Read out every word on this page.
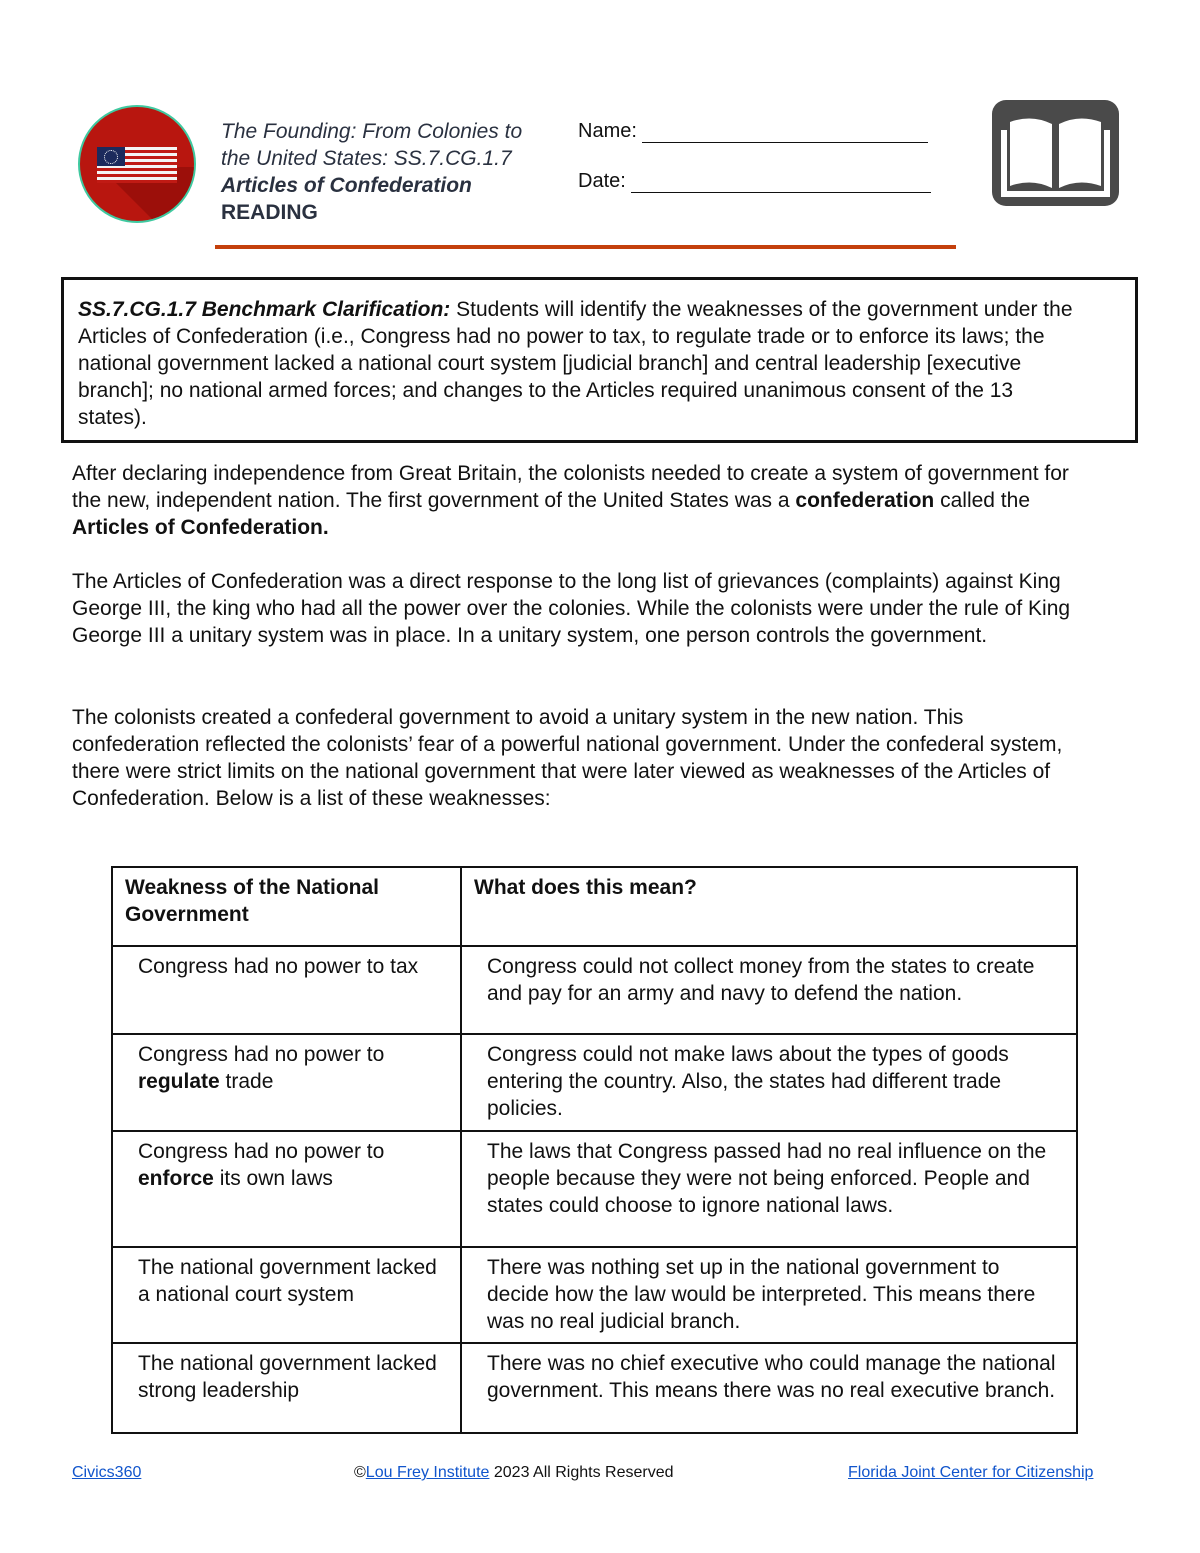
The Founding: From Colonies to
the United States: SS.7.CG.1.7
Articles of Confederation
READING
Name:
Date:

SS.7.CG.1.7 Benchmark Clarification: Students will identify the weaknesses of the government under the Articles of Confederation (i.e., Congress had no power to tax, to regulate trade or to enforce its laws; the national government lacked a national court system [judicial branch] and central leadership [executive branch]; no national armed forces; and changes to the Articles required unanimous consent of the 13 states).

After declaring independence from Great Britain, the colonists needed to create a system of government for the new, independent nation. The first government of the United States was a confederation called the Articles of Confederation.

The Articles of Confederation was a direct response to the long list of grievances (complaints) against King George III, the king who had all the power over the colonies. While the colonists were under the rule of King George III a unitary system was in place. In a unitary system, one person controls the government.

The colonists created a confederal government to avoid a unitary system in the new nation. This confederation reflected the colonists’ fear of a powerful national government. Under the confederal system, there were strict limits on the national government that were later viewed as weaknesses of the Articles of Confederation. Below is a list of these weaknesses:

Weakness of the National Government	What does this mean?
Congress had no power to tax	Congress could not collect money from the states to create and pay for an army and navy to defend the nation.
Congress had no power to regulate trade	Congress could not make laws about the types of goods entering the country. Also, the states had different trade policies.
Congress had no power to enforce its own laws	The laws that Congress passed had no real influence on the people because they were not being enforced. People and states could choose to ignore national laws.
The national government lacked a national court system	There was nothing set up in the national government to decide how the law would be interpreted. This means there was no real judicial branch.
The national government lacked strong leadership	There was no chief executive who could manage the national government. This means there was no real executive branch.
Civics360	©Lou Frey Institute 2023 All Rights Reserved	Florida Joint Center for Citizenship
